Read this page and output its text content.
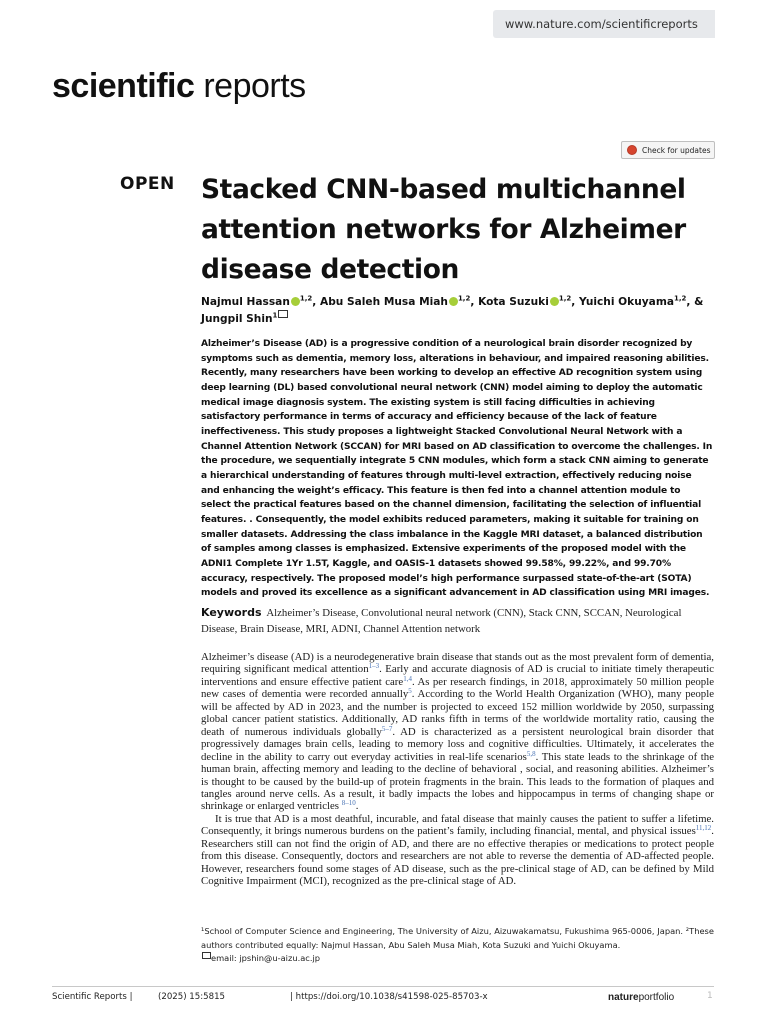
www.nature.com/scientificreports
scientific reports
Check for updates
OPEN Stacked CNN-based multichannel attention networks for Alzheimer disease detection
Najmul Hassan $^{1,2}$, Abu Saleh Musa Miah $^{1,2}$, Kota Suzuki $^{1,2}$, Yuichi Okuyama$^{1,2}$, & Jungpil Shin$^1$

Alzheimer’s Disease (AD) is a progressive condition of a neurological brain disorder recognized by symptoms such as dementia, memory loss, alterations in behaviour, and impaired reasoning abilities. Recently, many researchers have been working to develop an effective AD recognition system using deep learning (DL) based convolutional neural network (CNN) model aiming to deploy the automatic medical image diagnosis system. The existing system is still facing difficulties in achieving satisfactory performance in terms of accuracy and efficiency because of the lack of feature ineffectiveness. This study proposes a lightweight Stacked Convolutional Neural Network with a Channel Attention Network (SCCAN) for MRI based on AD classification to overcome the challenges. In the procedure, we sequentially integrate 5 CNN modules, which form a stack CNN aiming to generate a hierarchical understanding of features through multi-level extraction, effectively reducing noise and enhancing the weight’s efficacy. This feature is then fed into a channel attention module to select the practical features based on the channel dimension, facilitating the selection of influential features. . Consequently, the model exhibits reduced parameters, making it suitable for training on smaller datasets. Addressing the class imbalance in the Kaggle MRI dataset, a balanced distribution of samples among classes is emphasized. Extensive experiments of the proposed model with the ADNI1 Complete 1Yr 1.5T, Kaggle, and OASIS-1 datasets showed 99.58%, 99.22%, and 99.70% accuracy, respectively. The proposed model’s high performance surpassed state-of-the-art (SOTA) models and proved its excellence as a significant advancement in AD classification using MRI images.

Keywords Alzheimer’s Disease, Convolutional neural network (CNN), Stack CNN, SCCAN, Neurological Disease, Brain Disease, MRI, ADNI, Channel Attention network

Alzheimer’s disease (AD) is a neurodegenerative brain disease that stands out as the most prevalent form of dementia, requiring significant medical attention$^{1-3}$. Early and accurate diagnosis of AD is crucial to initiate timely therapeutic interventions and ensure effective patient care$^{1,4}$. As per research findings, in 2018, approximately 50 million people new cases of dementia were recorded annually$^5$. According to the World Health Organization (WHO), many people will be affected by AD in 2023, and the number is projected to exceed 152 million worldwide by 2050, surpassing global cancer patient statistics. Additionally, AD ranks fifth in terms of the worldwide mortality ratio, causing the death of numerous individuals globally$^{5-7}$. AD is characterized as a persistent neurological brain disorder that progressively damages brain cells, leading to memory loss and cognitive difficulties. Ultimately, it accelerates the decline in the ability to carry out everyday activities in real-life scenarios$^{5,8}$. This state leads to the shrinkage of the human brain, affecting memory and leading to the decline of behavioral , social, and reasoning abilities. Alzheimer’s is thought to be caused by the build-up of protein fragments in the brain. This leads to the formation of plaques and tangles around nerve cells. As a result, it badly impacts the lobes and hippocampus in terms of changing shape or shrinkage or enlarged ventricles $^{8-10}$.

It is true that AD is a most deathful, incurable, and fatal disease that mainly causes the patient to suffer a lifetime. Consequently, it brings numerous burdens on the patient’s family, including financial, mental, and physical issues$^{11,12}$. Researchers still can not find the origin of AD, and there are no effective therapies or medications to protect people from this disease. Consequently, doctors and researchers are not able to reverse the dementia of AD-affected people. However, researchers found some stages of AD disease, such as the pre-clinical stage of AD, can be defined by Mild Cognitive Impairment (MCI), recognized as the pre-clinical stage of AD.

¹School of Computer Science and Engineering, The University of Aizu, Aizuwakamatsu, Fukushima 965-0006, Japan. ²These authors contributed equally: Najmul Hassan, Abu Saleh Musa Miah, Kota Suzuki and Yuichi Okuyama.
email: jpshin@u-aizu.ac.jp
Scientific Reports |	(2025) 15:5815	| https://doi.org/10.1038/s41598-025-85703-x	natureportfolio	1
